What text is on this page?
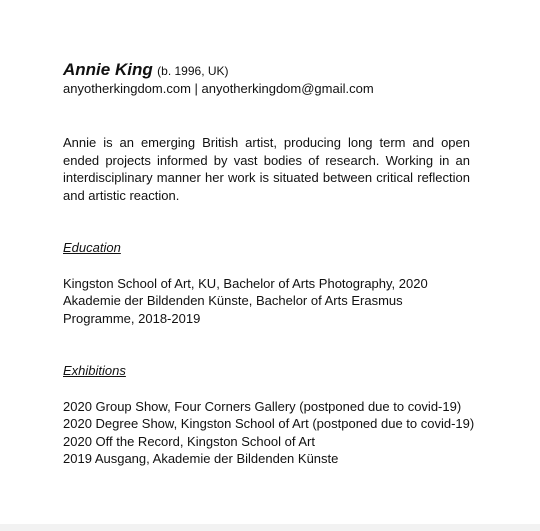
Annie King (b. 1996, UK)
anyotherkingdom.com | anyotherkingdom@gmail.com

Annie is an emerging British artist, producing long term and open ended projects informed by vast bodies of research. Working in an interdisciplinary manner her work is situated between critical reflection and artistic reaction.

Education
Kingston School of Art, KU, Bachelor of Arts Photography, 2020
Akademie der Bildenden Künste, Bachelor of Arts Erasmus
Programme, 2018-2019
Exhibitions
2020 Group Show, Four Corners Gallery (postponed due to covid-19)
2020 Degree Show, Kingston School of Art (postponed due to covid-19)
2020 Off the Record, Kingston School of Art
2019 Ausgang, Akademie der Bildenden Künste
